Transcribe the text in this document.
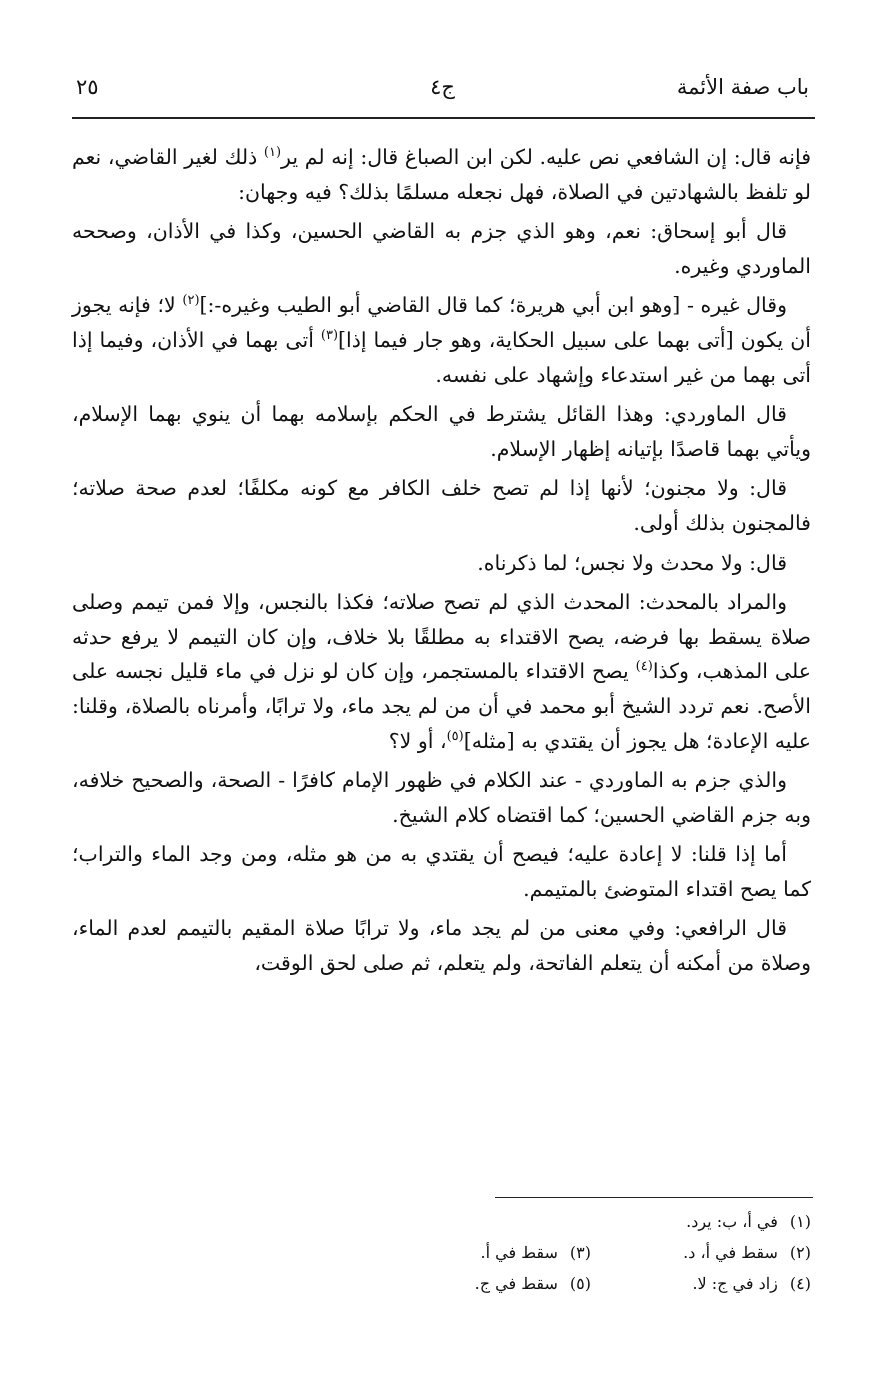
باب صفة الأئمة
ج٤
٢٥

فإنه قال: إن الشافعي نص عليه. لكن ابن الصباغ قال: إنه لم ير$^{(١)}$ ذلك لغير القاضي، نعم لو تلفظ بالشهادتين في الصلاة، فهل نجعله مسلمًا بذلك؟ فيه وجهان:

قال أبو إسحاق: نعم، وهو الذي جزم به القاضي الحسين، وكذا في الأذان، وصححه الماوردي وغيره.

وقال غيره - [وهو ابن أبي هريرة؛ كما قال القاضي أبو الطيب وغيره-:]$^{(٢)}$ لا؛ فإنه يجوز أن يكون [أتى بهما على سبيل الحكاية، وهو جار فيما إذا]$^{(٣)}$ أتى بهما في الأذان، وفيما إذا أتى بهما من غير استدعاء وإشهاد على نفسه.

قال الماوردي: وهذا القائل يشترط في الحكم بإسلامه بهما أن ينوي بهما الإسلام، ويأتي بهما قاصدًا بإتيانه إظهار الإسلام.

قال: ولا مجنون؛ لأنها إذا لم تصح خلف الكافر مع كونه مكلفًا؛ لعدم صحة صلاته؛ فالمجنون بذلك أولى.

قال: ولا محدث ولا نجس؛ لما ذكرناه.

والمراد بالمحدث: المحدث الذي لم تصح صلاته؛ فكذا بالنجس، وإلا فمن تيمم وصلى صلاة يسقط بها فرضه، يصح الاقتداء به مطلقًا بلا خلاف، وإن كان التيمم لا يرفع حدثه على المذهب، وكذا$^{(٤)}$ يصح الاقتداء بالمستجمر، وإن كان لو نزل في ماء قليل نجسه على الأصح. نعم تردد الشيخ أبو محمد في أن من لم يجد ماء، ولا ترابًا، وأمرناه بالصلاة، وقلنا: عليه الإعادة؛ هل يجوز أن يقتدي به [مثله]$^{(٥)}$، أو لا؟

والذي جزم به الماوردي - عند الكلام في ظهور الإمام كافرًا - الصحة، والصحيح خلافه، وبه جزم القاضي الحسين؛ كما اقتضاه كلام الشيخ.

أما إذا قلنا: لا إعادة عليه؛ فيصح أن يقتدي به من هو مثله، ومن وجد الماء والتراب؛ كما يصح اقتداء المتوضئ بالمتيمم.

قال الرافعي: وفي معنى من لم يجد ماء، ولا ترابًا صلاة المقيم بالتيمم لعدم الماء، وصلاة من أمكنه أن يتعلم الفاتحة، ولم يتعلم، ثم صلى لحق الوقت،

(١)في أ، ب: يرد.
(٢)سقط في أ، د.
(٣)سقط في أ.
(٤)زاد في ج: لا.
(٥)سقط في ج.
